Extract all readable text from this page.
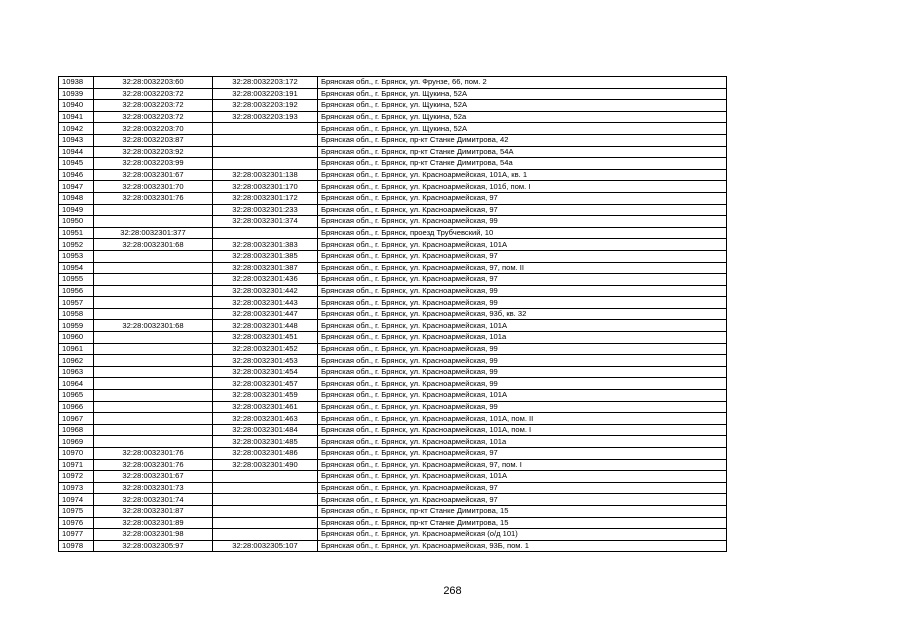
10938	32:28:0032203:60	32:28:0032203:172	Брянская обл., г. Брянск, ул. Фрунзе, 66, пом. 2
10939	32:28:0032203:72	32:28:0032203:191	Брянская обл., г. Брянск, ул. Щукина, 52А
10940	32:28:0032203:72	32:28:0032203:192	Брянская обл., г. Брянск, ул. Щукина, 52А
10941	32:28:0032203:72	32:28:0032203:193	Брянская обл., г. Брянск, ул. Щукина, 52а
10942	32:28:0032203:70		Брянская обл., г. Брянск, ул. Щукина, 52А
10943	32:28:0032203:87		Брянская обл., г. Брянск, пр-кт Станке Димитрова, 42
10944	32:28:0032203:92		Брянская обл., г. Брянск, пр-кт Станке Димитрова, 54А
10945	32:28:0032203:99		Брянская обл., г. Брянск, пр-кт Станке Димитрова, 54а
10946	32:28:0032301:67	32:28:0032301:138	Брянская обл., г. Брянск, ул. Красноармейская, 101А, кв. 1
10947	32:28:0032301:70	32:28:0032301:170	Брянская обл., г. Брянск, ул. Красноармейская, 101б, пом. I
10948	32:28:0032301:76	32:28:0032301:172	Брянская обл., г. Брянск, ул. Красноармейская, 97
10949		32:28:0032301:233	Брянская обл., г. Брянск, ул. Красноармейская, 97
10950		32:28:0032301:374	Брянская обл., г. Брянск, ул. Красноармейская, 99
10951	32:28:0032301:377		Брянская обл., г. Брянск, проезд Трубчевский, 10
10952	32:28:0032301:68	32:28:0032301:383	Брянская обл., г. Брянск, ул. Красноармейская, 101А
10953		32:28:0032301:385	Брянская обл., г. Брянск, ул. Красноармейская, 97
10954		32:28:0032301:387	Брянская обл., г. Брянск, ул. Красноармейская, 97, пом. II
10955		32:28:0032301:436	Брянская обл., г. Брянск, ул. Красноармейская, 97
10956		32:28:0032301:442	Брянская обл., г. Брянск, ул. Красноармейская, 99
10957		32:28:0032301:443	Брянская обл., г. Брянск, ул. Красноармейская, 99
10958		32:28:0032301:447	Брянская обл., г. Брянск, ул. Красноармейская, 93б, кв. 32
10959	32:28:0032301:68	32:28:0032301:448	Брянская обл., г. Брянск, ул. Красноармейская, 101А
10960		32:28:0032301:451	Брянская обл., г. Брянск, ул. Красноармейская, 101а
10961		32:28:0032301:452	Брянская обл., г. Брянск, ул. Красноармейская, 99
10962		32:28:0032301:453	Брянская обл., г. Брянск, ул. Красноармейская, 99
10963		32:28:0032301:454	Брянская обл., г. Брянск, ул. Красноармейская, 99
10964		32:28:0032301:457	Брянская обл., г. Брянск, ул. Красноармейская, 99
10965		32:28:0032301:459	Брянская обл., г. Брянск, ул. Красноармейская, 101А
10966		32:28:0032301:461	Брянская обл., г. Брянск, ул. Красноармейская, 99
10967		32:28:0032301:463	Брянская обл., г. Брянск, ул. Красноармейская, 101А, пом. II
10968		32:28:0032301:484	Брянская обл., г. Брянск, ул. Красноармейская, 101А, пом. I
10969		32:28:0032301:485	Брянская обл., г. Брянск, ул. Красноармейская, 101а
10970	32:28:0032301:76	32:28:0032301:486	Брянская обл., г. Брянск, ул. Красноармейская, 97
10971	32:28:0032301:76	32:28:0032301:490	Брянская обл., г. Брянск, ул. Красноармейская, 97, пом. I
10972	32:28:0032301:67		Брянская обл., г. Брянск, ул. Красноармейская, 101А
10973	32:28:0032301:73		Брянская обл., г. Брянск, ул. Красноармейская, 97
10974	32:28:0032301:74		Брянская обл., г. Брянск, ул. Красноармейская, 97
10975	32:28:0032301:87		Брянская обл., г. Брянск, пр-кт Станке Димитрова, 15
10976	32:28:0032301:89		Брянская обл., г. Брянск, пр-кт Станке Димитрова, 15
10977	32:28:0032301:98		Брянская обл., г. Брянск, ул. Красноармейская (о/д 101)
10978	32:28:0032305:97	32:28:0032305:107	Брянская обл., г. Брянск, ул. Красноармейская, 93Б, пом. 1
268
